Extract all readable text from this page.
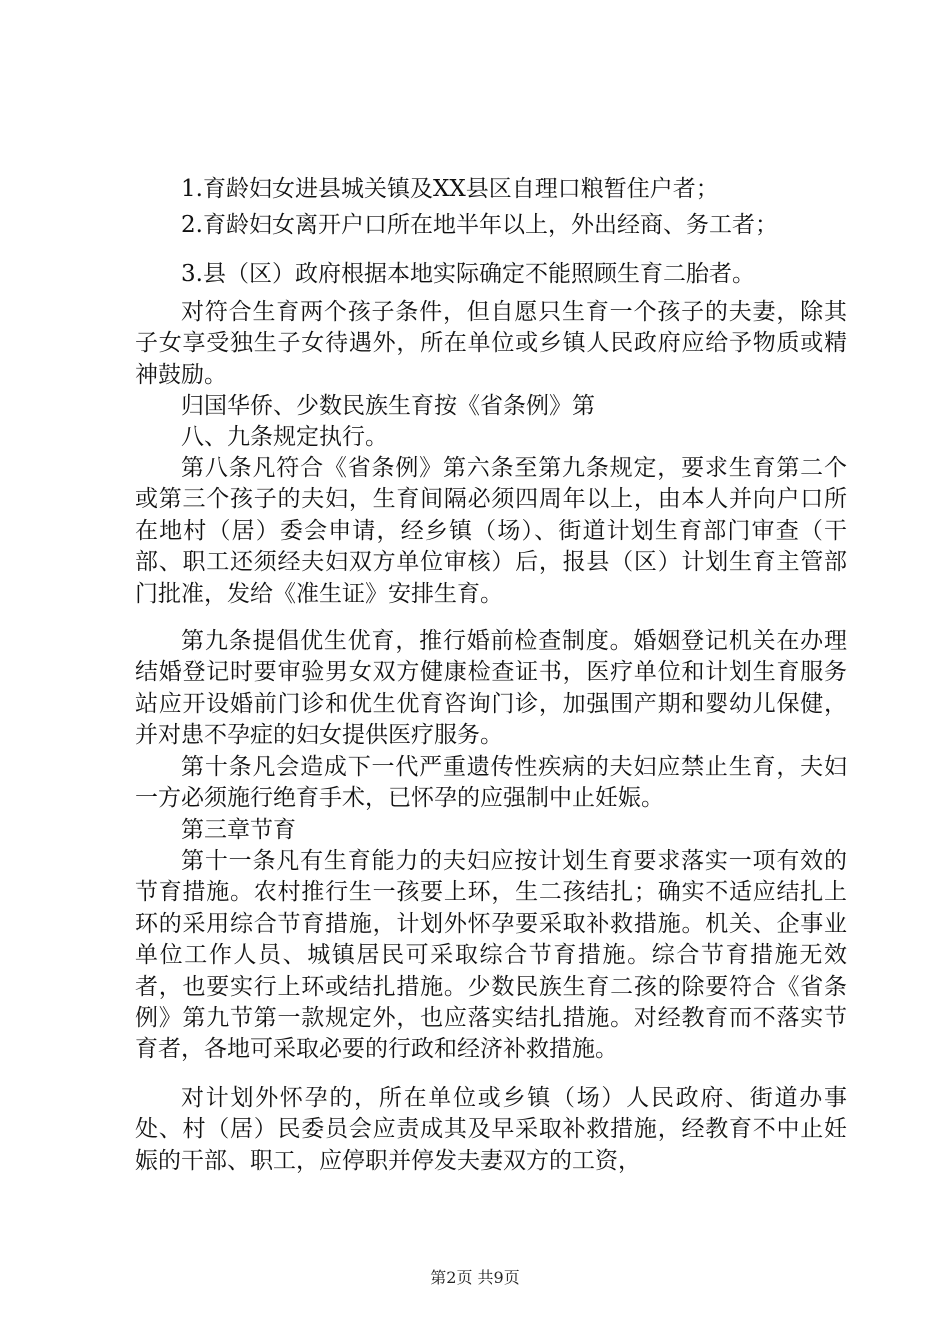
1.育龄妇女进县城关镇及XX县区自理口粮暂住户者；

2.育龄妇女离开户口所在地半年以上，外出经商、务工者；

3.县（区）政府根据本地实际确定不能照顾生育二胎者。

对符合生育两个孩子条件，但自愿只生育一个孩子的夫妻，除其子女享受独生子女待遇外，所在单位或乡镇人民政府应给予物质或精神鼓励。

归国华侨、少数民族生育按《省条例》第

八、九条规定执行。

第八条凡符合《省条例》第六条至第九条规定，要求生育第二个或第三个孩子的夫妇，生育间隔必须四周年以上，由本人并向户口所在地村（居）委会申请，经乡镇（场）、街道计划生育部门审查（干部、职工还须经夫妇双方单位审核）后，报县（区）计划生育主管部门批准，发给《准生证》安排生育。

第九条提倡优生优育，推行婚前检查制度。婚姻登记机关在办理结婚登记时要审验男女双方健康检查证书，医疗单位和计划生育服务站应开设婚前门诊和优生优育咨询门诊，加强围产期和婴幼儿保健，并对患不孕症的妇女提供医疗服务。

第十条凡会造成下一代严重遗传性疾病的夫妇应禁止生育，夫妇一方必须施行绝育手术，已怀孕的应强制中止妊娠。

第三章节育

第十一条凡有生育能力的夫妇应按计划生育要求落实一项有效的节育措施。农村推行生一孩要上环，生二孩结扎；确实不适应结扎上环的采用综合节育措施，计划外怀孕要采取补救措施。机关、企事业单位工作人员、城镇居民可采取综合节育措施。综合节育措施无效者，也要实行上环或结扎措施。少数民族生育二孩的除要符合《省条例》第九节第一款规定外，也应落实结扎措施。对经教育而不落实节育者，各地可采取必要的行政和经济补救措施。

对计划外怀孕的，所在单位或乡镇（场）人民政府、街道办事处、村（居）民委员会应责成其及早采取补救措施，经教育不中止妊娠的干部、职工，应停职并停发夫妻双方的工资，

第2页 共9页
